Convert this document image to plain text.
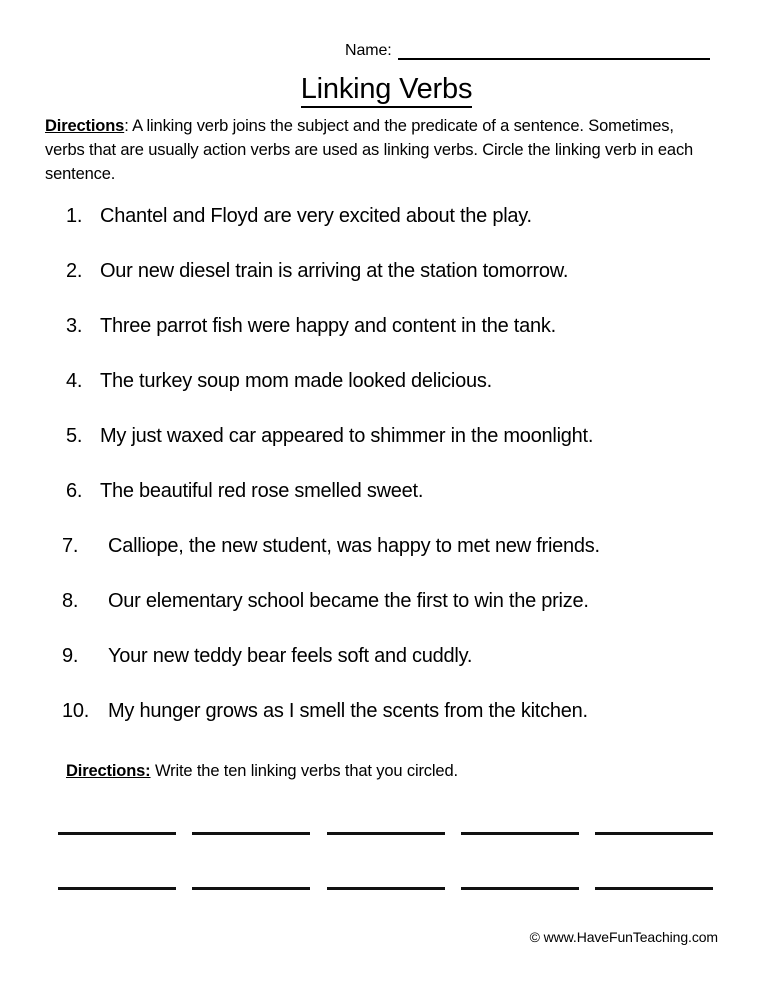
Name:
Linking Verbs
Directions: A linking verb joins the subject and the predicate of a sentence. Sometimes, verbs that are usually action verbs are used as linking verbs. Circle the linking verb in each sentence.
1. Chantel and Floyd are very excited about the play.
2. Our new diesel train is arriving at the station tomorrow.
3. Three parrot fish were happy and content in the tank.
4. The turkey soup mom made looked delicious.
5. My just waxed car appeared to shimmer in the moonlight.
6. The beautiful red rose smelled sweet.
7.	Calliope, the new student, was happy to met new friends.
8.	Our elementary school became the first to win the prize.
9.	Your new teddy bear feels soft and cuddly.
10. My hunger grows as I smell the scents from the kitchen.
Directions: Write the ten linking verbs that you circled.
© www.HaveFunTeaching.com
